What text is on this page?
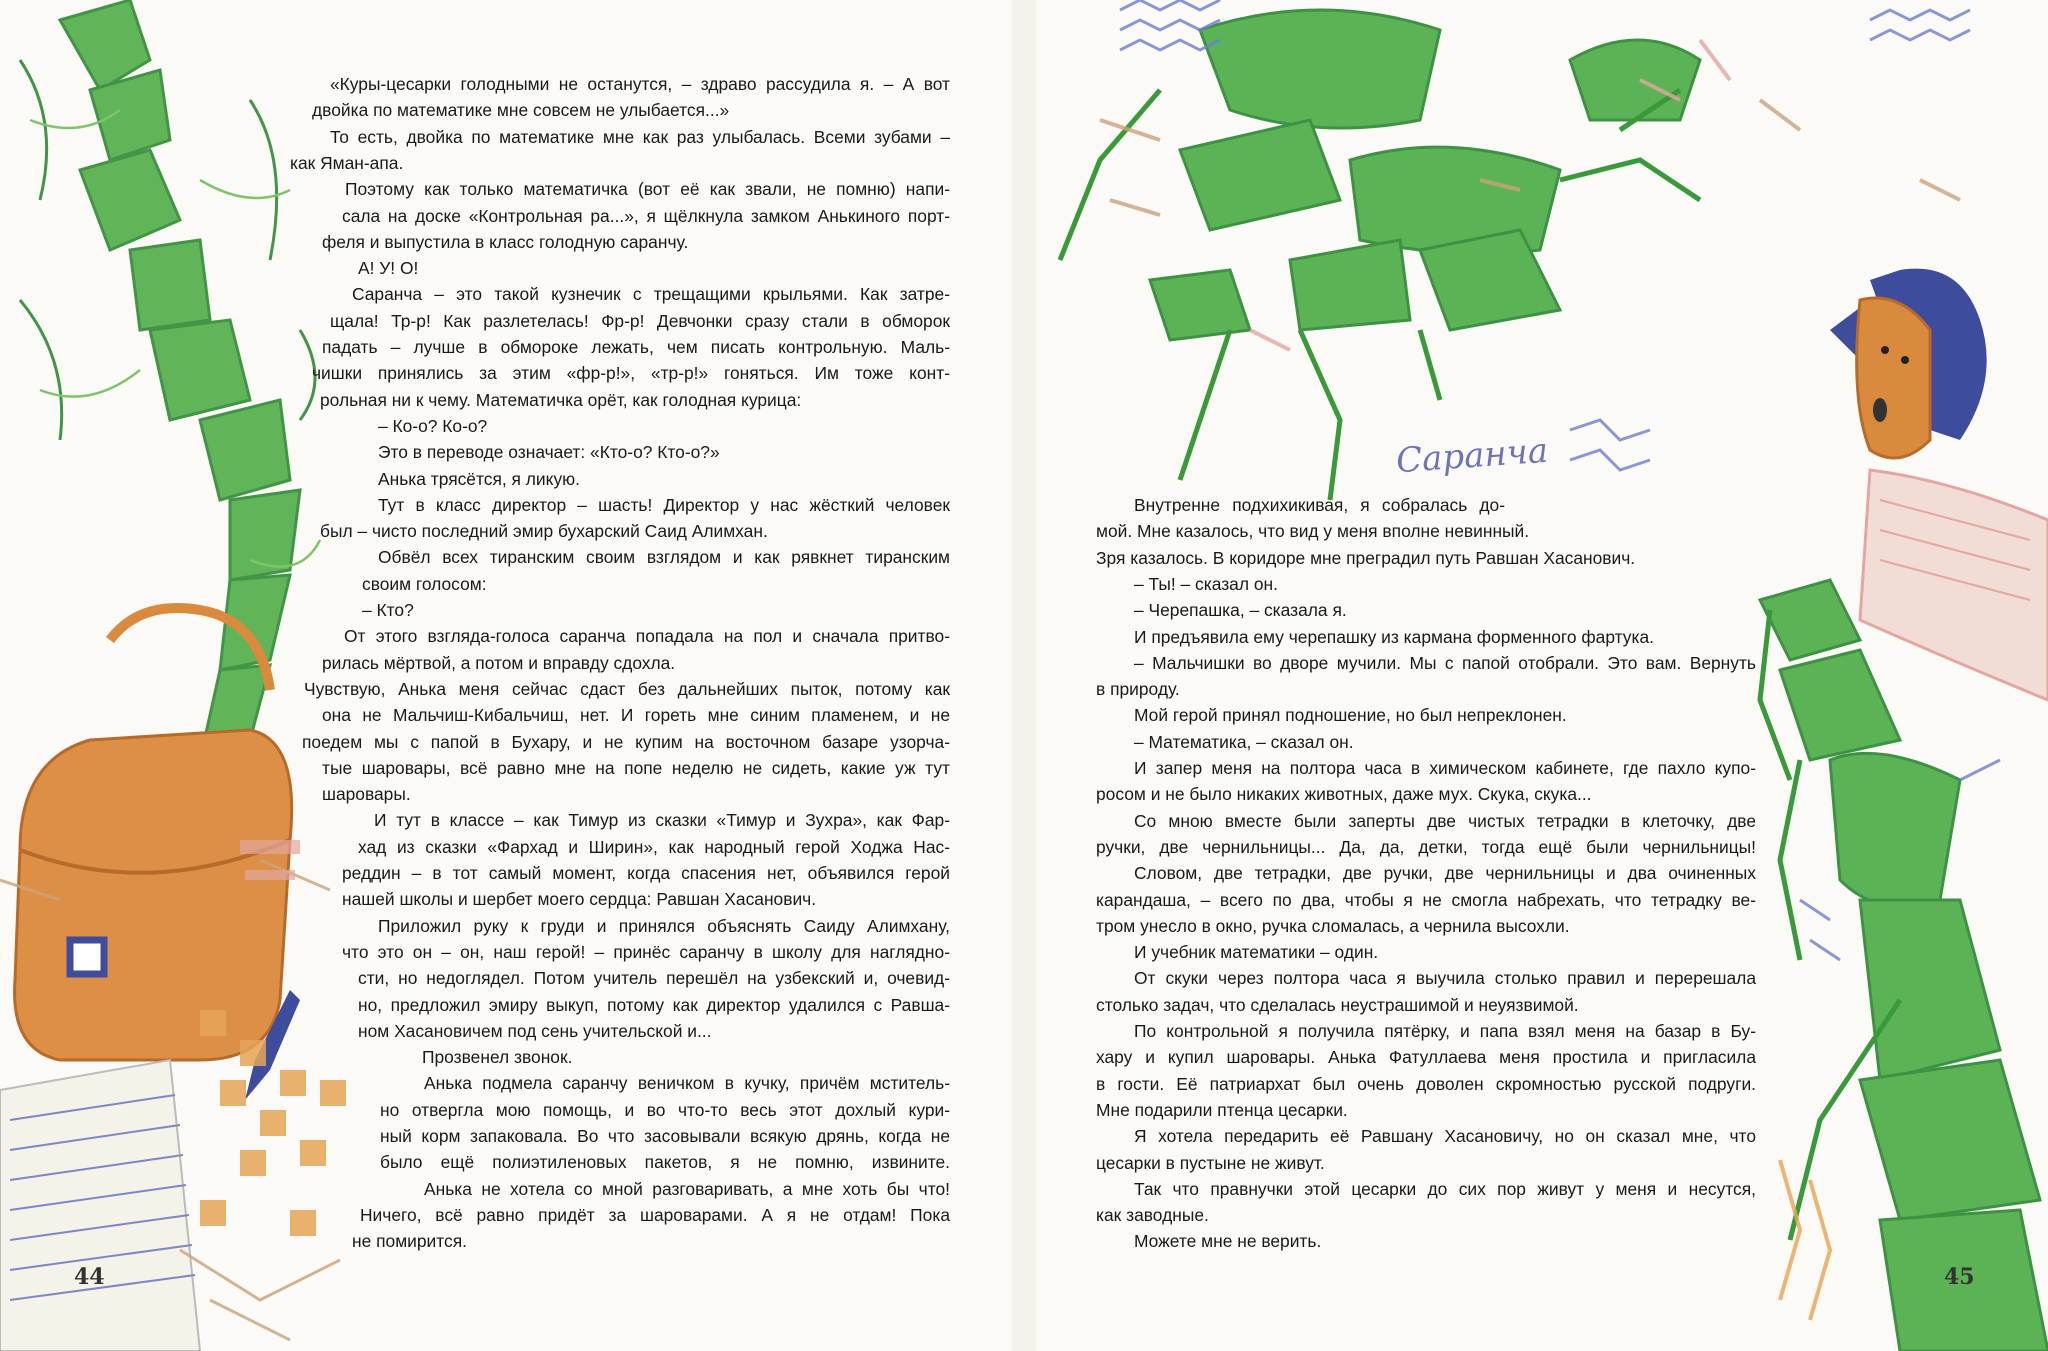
Саранча
«Куры-цесарки голодными не останутся, – здраво рассудила я. – А вот
двойка по математике мне совсем не улыбается...»
То есть, двойка по математике мне как раз улыбалась. Всеми зубами –
как Яман-апа.
Поэтому как только математичка (вот её как звали, не помню) напи-
сала на доске «Контрольная ра...», я щёлкнула замком Анькиного порт-
феля и выпустила в класс голодную саранчу.
А! У! О!
Саранча – это такой кузнечик с трещащими крыльями. Как затре-
щала! Тр-р! Как разлетелась! Фр-р! Девчонки сразу стали в обморок
падать – лучше в обмороке лежать, чем писать контрольную. Маль-
чишки принялись за этим «фр-р!», «тр-р!» гоняться. Им тоже конт-
рольная ни к чему. Математичка орёт, как голодная курица:
– Ко-о? Ко-о?
Это в переводе означает: «Кто-о? Кто-о?»
Анька трясётся, я ликую.
Тут в класс директор – шасть! Директор у нас жёсткий человек
был – чисто последний эмир бухарский Саид Алимхан.
Обвёл всех тиранским своим взглядом и как рявкнет тиранским
своим голосом:
– Кто?
От этого взгляда-голоса саранча попадала на пол и сначала притво-
рилась мёртвой, а потом и вправду сдохла.
Чувствую, Анька меня сейчас сдаст без дальнейших пыток, потому как
она не Мальчиш-Кибальчиш, нет. И гореть мне синим пламенем, и не
поедем мы с папой в Бухару, и не купим на восточном базаре узорча-
тые шаровары, всё равно мне на попе неделю не сидеть, какие уж тут
шаровары.
И тут в классе – как Тимур из сказки «Тимур и Зухра», как Фар-
хад из сказки «Фархад и Ширин», как народный герой Ходжа Нас-
реддин – в тот самый момент, когда спасения нет, объявился герой
нашей школы и шербет моего сердца: Равшан Хасанович.
Приложил руку к груди и принялся объяснять Саиду Алимхану,
что это он – он, наш герой! – принёс саранчу в школу для наглядно-
сти, но недоглядел. Потом учитель перешёл на узбекский и, очевид-
но, предложил эмиру выкуп, потому как директор удалился с Равша-
ном Хасановичем под сень учительской и...
Прозвенел звонок.
Анька подмела саранчу веничком в кучку, причём мститель-
но отвергла мою помощь, и во что-то весь этот дохлый кури-
ный корм запаковала. Во что засовывали всякую дрянь, когда не
было ещё полиэтиленовых пакетов, я не помню, извините.
Анька не хотела со мной разговаривать, а мне хоть бы что!
Ничего, всё равно придёт за шароварами. А я не отдам! Пока
не помирится.
Внутренне подхихикивая, я собралась до-
мой. Мне казалось, что вид у меня вполне невинный.
Зря казалось. В коридоре мне преградил путь Равшан Хасанович.
– Ты! – сказал он.
– Черепашка, – сказала я.
И предъявила ему черепашку из кармана форменного фартука.
– Мальчишки во дворе мучили. Мы с папой отобрали. Это вам. Вернуть
в природу.
Мой герой принял подношение, но был непреклонен.
– Математика, – сказал он.
И запер меня на полтора часа в химическом кабинете, где пахло купо-
росом и не было никаких животных, даже мух. Скука, скука...
Со мною вместе были заперты две чистых тетрадки в клеточку, две
ручки, две чернильницы... Да, да, детки, тогда ещё были чернильницы!
Словом, две тетрадки, две ручки, две чернильницы и два очиненных
карандаша, – всего по два, чтобы я не смогла набрехать, что тетрадку ве-
тром унесло в окно, ручка сломалась, а чернила высохли.
И учебник математики – один.
От скуки через полтора часа я выучила столько правил и перерешала
столько задач, что сделалась неустрашимой и неуязвимой.
По контрольной я получила пятёрку, и папа взял меня на базар в Бу-
хару и купил шаровары. Анька Фатуллаева меня простила и пригласила
в гости. Её патриархат был очень доволен скромностью русской подруги.
Мне подарили птенца цесарки.
Я хотела передарить её Равшану Хасановичу, но он сказал мне, что
цесарки в пустыне не живут.
Так что правнучки этой цесарки до сих пор живут у меня и несутся,
как заводные.
Можете мне не верить.
44	45
